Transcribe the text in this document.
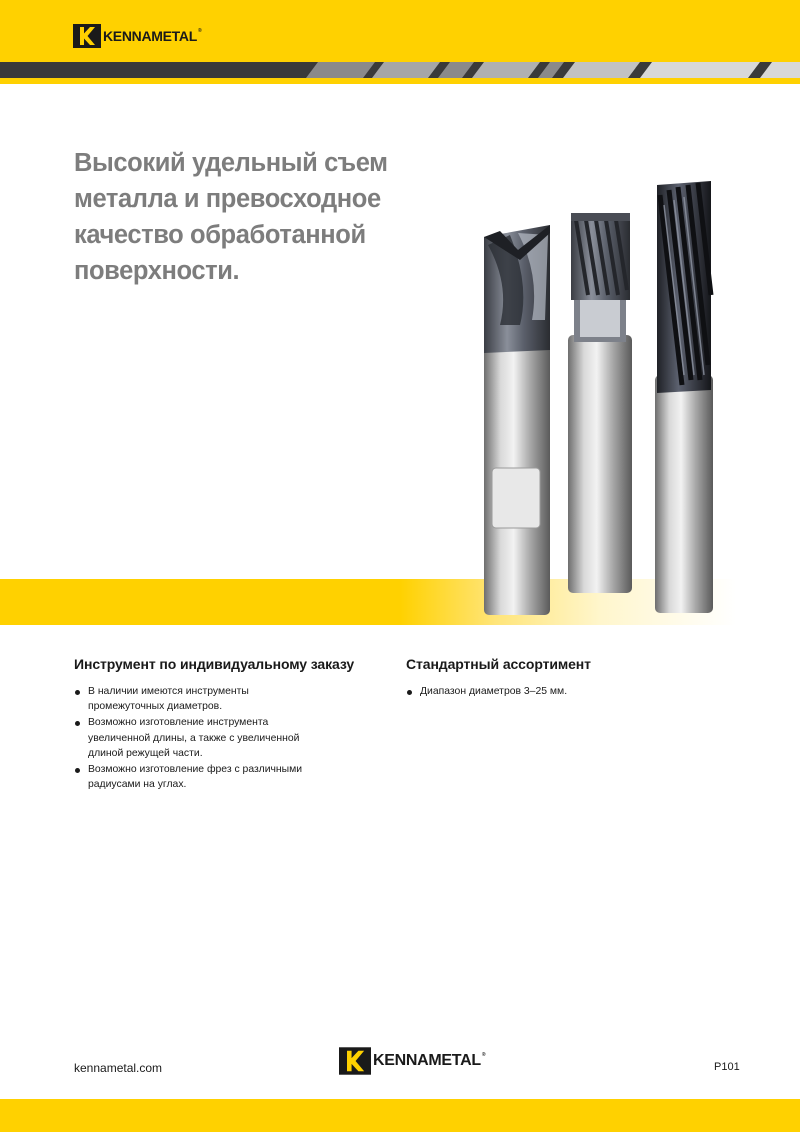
KENNAMETAL®
Высокий удельный съем металла и превосходное качество обработанной поверхности.
Инструмент по индивидуальному заказу
В наличии имеются инструменты промежуточных диаметров.
Возможно изготовление инструмента увеличенной длины, а также с увеличенной длиной режущей части.
Возможно изготовление фрез с различными радиусами на углах.
Стандартный ассортимент
Диапазон диаметров 3–25 мм.
kennametal.com	KENNAMETAL®
P101
